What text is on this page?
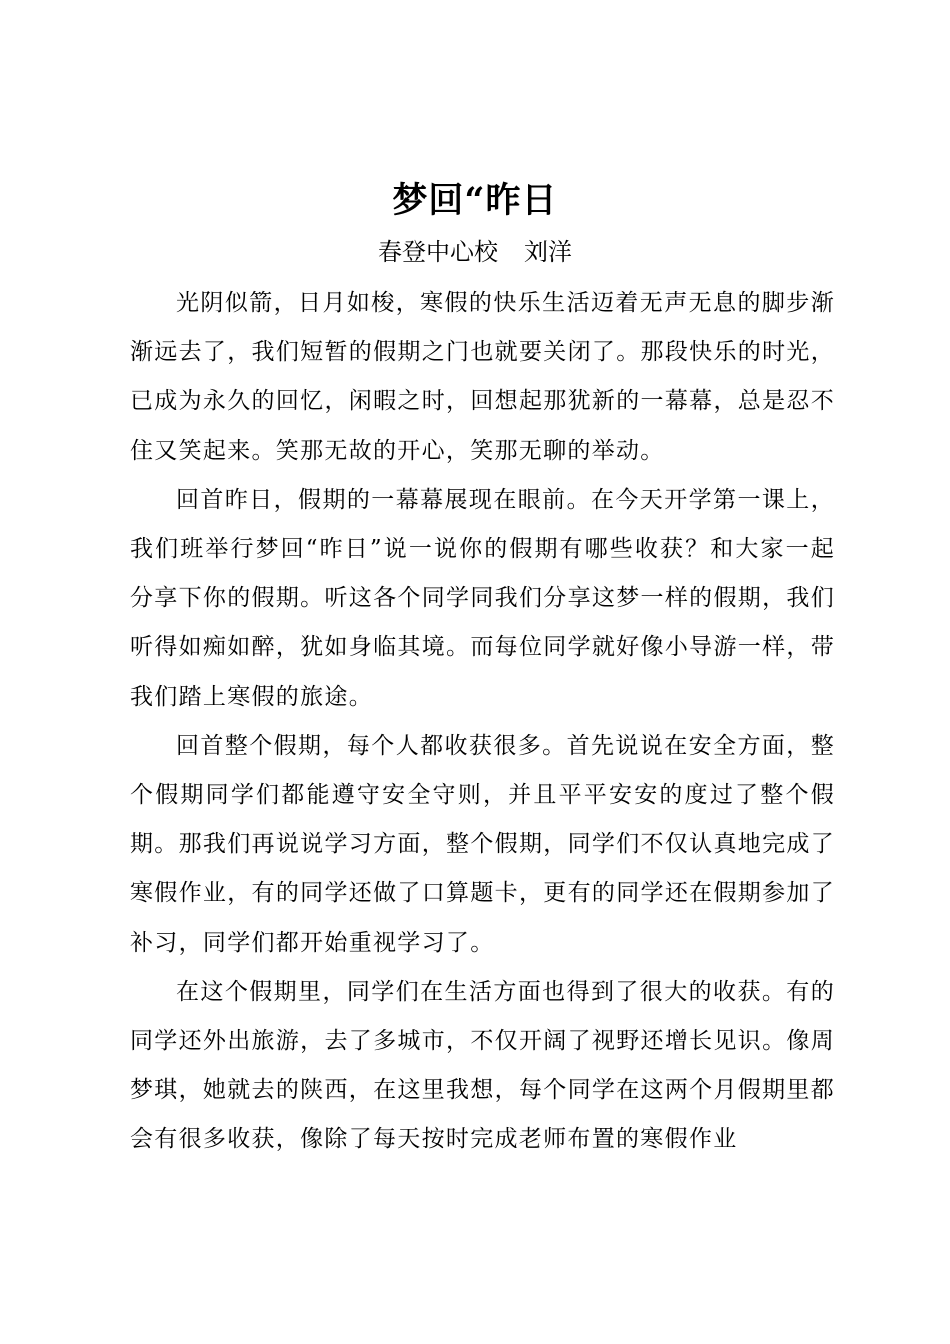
梦回“昨日

春登中心校 刘洋

光阴似箭，日月如梭，寒假的快乐生活迈着无声无息的脚步渐渐远去了，我们短暂的假期之门也就要关闭了。那段快乐的时光，已成为永久的回忆，闲暇之时，回想起那犹新的一幕幕，总是忍不住又笑起来。笑那无故的开心，笑那无聊的举动。

回首昨日，假期的一幕幕展现在眼前。在今天开学第一课上，我们班举行梦回“昨日”说一说你的假期有哪些收获？和大家一起分享下你的假期。听这各个同学同我们分享这梦一样的假期，我们听得如痴如醉，犹如身临其境。而每位同学就好像小导游一样，带我们踏上寒假的旅途。

回首整个假期，每个人都收获很多。首先说说在安全方面，整个假期同学们都能遵守安全守则，并且平平安安的度过了整个假期。那我们再说说学习方面，整个假期，同学们不仅认真地完成了寒假作业，有的同学还做了口算题卡，更有的同学还在假期参加了补习，同学们都开始重视学习了。

在这个假期里，同学们在生活方面也得到了很大的收获。有的同学还外出旅游，去了多城市，不仅开阔了视野还增长见识。像周梦琪，她就去的陕西，在这里我想，每个同学在这两个月假期里都会有很多收获，像除了每天按时完成老师布置的寒假作业
